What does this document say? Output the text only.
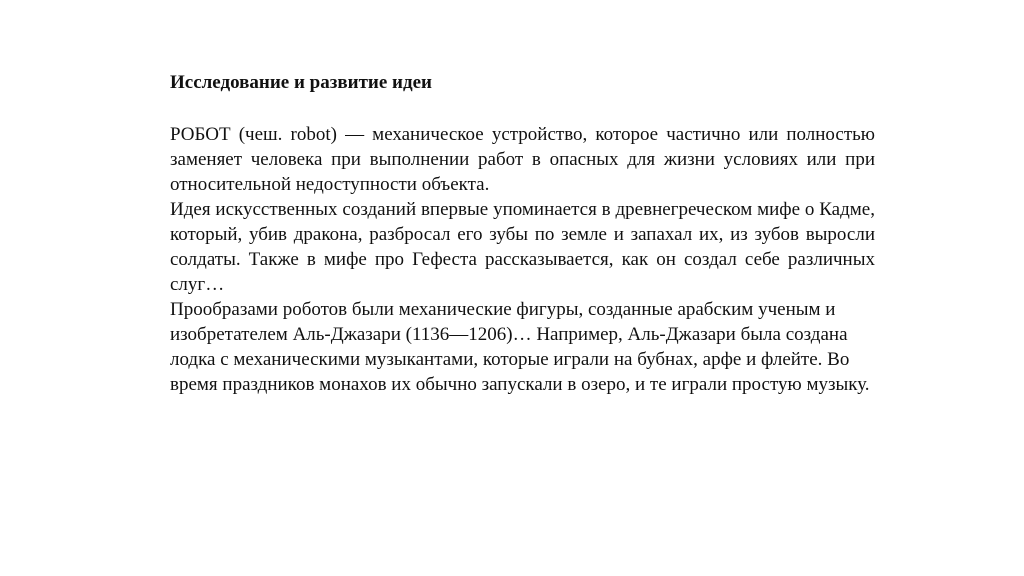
Исследование и развитие идеи

РОБОТ (чеш. robot) — механическое устройство, которое частично или полностью заменяет человека при выполнении работ в опасных для жизни условиях или при относительной недоступности объекта.

Идея искусственных созданий впервые упоминается в древнегреческом мифе о Кадме, который, убив дракона, разбросал его зубы по земле и запахал их, из зубов выросли солдаты. Также в мифе про Гефеста рассказывается, как он создал себе различных слуг…

Прообразами роботов были механические фигуры, созданные арабским ученым и изобретателем Аль-Джазари (1136—1206)… Например, Аль-Джазари была создана лодка с механическими музыкантами, которые играли на бубнах, арфе и флейте. Во время праздников монахов их обычно запускали в озеро, и те играли простую музыку.
